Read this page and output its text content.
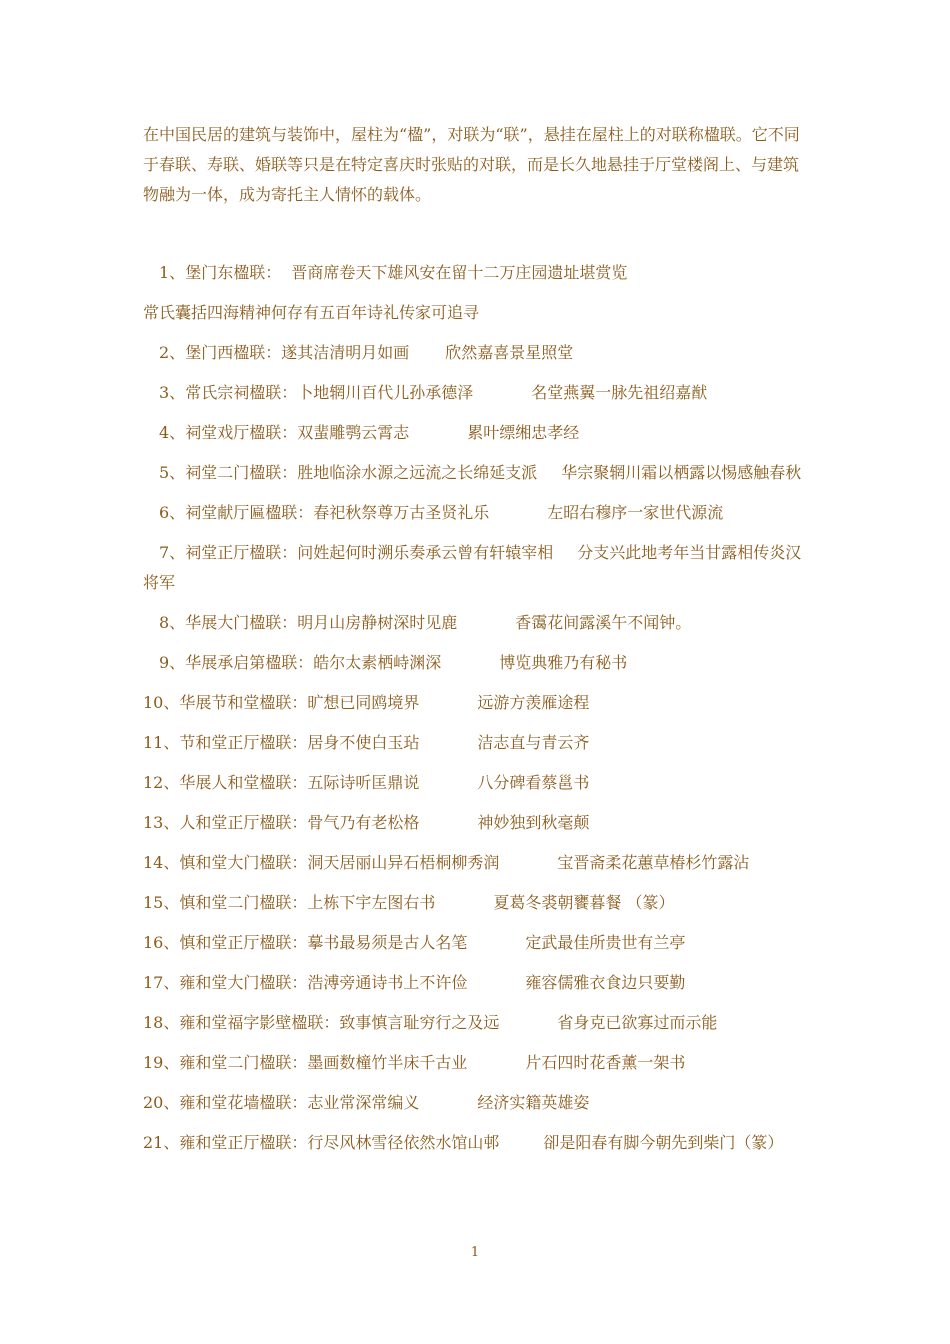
在中国民居的建筑与装饰中，屋柱为“楹”，对联为“联”，悬挂在屋柱上的对联称楹联。它不同于春联、寿联、婚联等只是在特定喜庆时张贴的对联，而是长久地悬挂于厅堂楼阁上、与建筑物融为一体，成为寄托主人情怀的载体。

1、堡门东楹联： 晋商席卷天下雄风安在留十二万庄园遗址堪赏览
常氏囊括四海精神何存有五百年诗礼传家可追寻
2、堡门西楹联：遂其洁清明月如画 欣然嘉喜景星照堂
3、常氏宗祠楹联：卜地辋川百代儿孙承德泽	名堂燕翼一脉先祖绍嘉猷
4、祠堂戏厅楹联：双蜚雕鹗云霄志	累叶缥缃忠孝经
5、祠堂二门楹联：胜地临涂水源之远流之长绵延支派 华宗聚辋川霜以栖露以惕感触春秋
6、祠堂献厅匾楹联：春祀秋祭尊万古圣贤礼乐	左昭右穆序一家世代源流
7、祠堂正厅楹联：问姓起何时溯乐奏承云曾有轩辕宰相 分支兴此地考年当甘露相传炎汉将军
8、华展大门楹联：明月山房静树深时见鹿	香霭花间露溪午不闻钟。
9、华展承启第楹联：皓尔太素栖峙渊深	博览典雅乃有秘书
10、华展节和堂楹联：旷想已同鸥境界	远游方羡雁途程
11、节和堂正厅楹联：居身不使白玉玷	洁志直与青云齐
12、华展人和堂楹联：五际诗听匡鼎说	八分碑看蔡邕书
13、人和堂正厅楹联：骨气乃有老松格	神妙独到秋毫颠
14、慎和堂大门楹联：洞天居丽山异石梧桐柳秀润	宝晋斋柔花蕙草椿杉竹露沾
15、慎和堂二门楹联：上栋下宇左图右书	夏葛冬裘朝饔暮餐 （篆）
16、慎和堂正厅楹联：摹书最易须是古人名笔	定武最佳所贵世有兰亭
17、雍和堂大门楹联：浩溥旁通诗书上不许俭	雍容儒雅衣食边只要勤
18、雍和堂福字影壁楹联：致事慎言耻穷行之及远	省身克已欲寡过而示能
19、雍和堂二门楹联：墨画数橦竹半床千古业	片石四时花香薰一架书
20、雍和堂花墙楹联：志业常深常编义	经济实籍英雄姿
21、雍和堂正厅楹联：行尽风林雪径依然水馆山邨	卻是阳春有脚今朝先到柴门（篆）
1
